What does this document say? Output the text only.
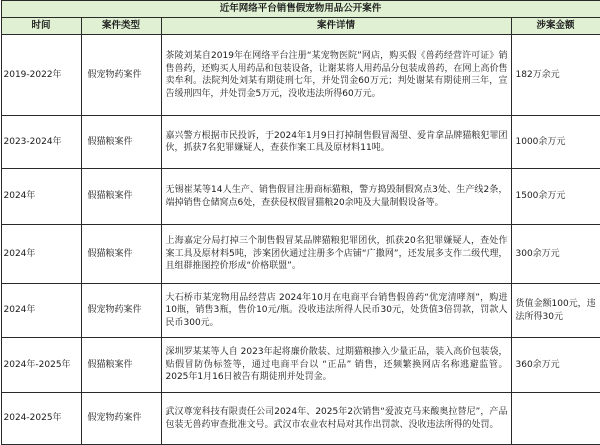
近年网络平台销售假宠物用品公开案件			
时间	案件类型	案件详情	涉案金额
2019-2022年	假宠物药案件	茶陵刘某自2019年在网络平台注册“某宠物医院”网店，购买假《兽药经营许可证》销售兽药，还购买人用药品和包装设备，让谢某将人用药品分包装成兽药，在网上高价售卖牟利。法院判处刘某有期徒刑七年，并处罚金60万元；判处谢某有期徒刑三年，宣告缓刑四年，并处罚金5万元，没收违法所得60万元。	182万余元
2023-2024年	假猫粮案件	嘉兴警方根据市民投诉，于2024年1月9日打掉制售假冒渴望、爱肯拿品牌猫粮犯罪团伙，抓获7名犯罪嫌疑人，查获作案工具及原材料11吨。	1000余万元
2024年	假猫粮案件	无锡崔某等14人生产、销售假冒注册商标猫粮，警方捣毁制假窝点3处、生产线2条，端掉销售仓储窝点6处，查获侵权假冒猫粮20余吨及大量制假设备等。	1500余万元
2024年	假猫粮案件	上海嘉定分局打掉三个制售假冒某品牌猫粮犯罪团伙，抓获20名犯罪嫌疑人，查处作案工具及原材料5吨，涉案团伙通过注册多个店铺“广撒网”，还发展多支作二级代理，且组群推图控价形成“价格联盟”。	300余万元
2024年	假宠物药案件	大石桥市某宠物用品经营店 2024年10月在电商平台销售假兽药“优宠清哮剂”，购进10瓶，销售3瓶，售价10元/瓶。没收违法所得人民币30元，处货值3倍罚款，罚款人民币300元。	货值金额100元，违法所得30元
2024年-2025年	假猫粮案件	深圳罗某某等人自 2023年起将廉价散装、过期猫粮掺入少量正品，装入高价包装袋，贴假冒防伪标签等，通过电商平台以 “正品” 销售，还频繁换网店名称逃避监管。2025年1月16日被告有期徒刑并处罚金。	360余万元
2024-2025年	假宠物药案件	武汉尊宠科技有限责任公司2024年、2025年2次销售“爱波克马来酸奥拉替尼”，产品包装无兽药审查批准文号。武汉市农业农村局对其作出罚款、没收违法所得的处罚。	
